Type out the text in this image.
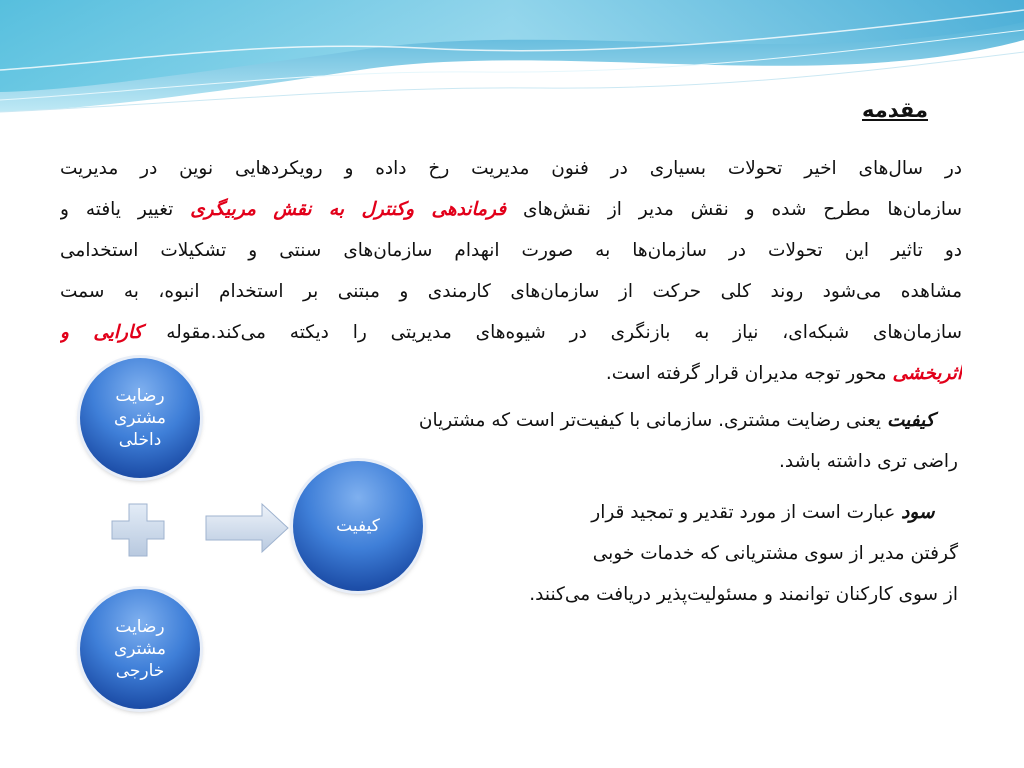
مقدمه
در سال‌های اخیر تحولات بسیاری در فنون مدیریت رخ داده و رویکردهایی نوین در مدیریت
سازمان‌ها مطرح شده و نقش مدیر از نقش‌های فرماندهی وکنترل به نقش مربیگری تغییر یافته و
دو تاثیر این تحولات در سازمان‌ها به صورت انهدام سازمان‌های سنتی و تشکیلات استخدامی
مشاهده می‌شود روند کلی حرکت از سازمان‌های کارمندی و مبتنی بر استخدام انبوه، به سمت
سازمان‌های شبکه‌ای، نیاز به بازنگری در شیوه‌های مدیریتی را دیکته می‌کند.مقوله کارایی و
اثربخشی محور توجه مدیران قرار گرفته است.
کیفیت یعنی رضایت مشتری. سازمانی با کیفیت‌تر است که مشتریان
راضی تری داشته باشد.
سود عبارت است از مورد تقدیر و تمجید قرار
گرفتن مدیر از سوی مشتریانی که خدمات خوبی
از سوی کارکنان توانمند و مسئولیت‌پذیر دریافت می‌کنند.
رضایت مشتری داخلی
رضایت مشتری خارجی
کیفیت
